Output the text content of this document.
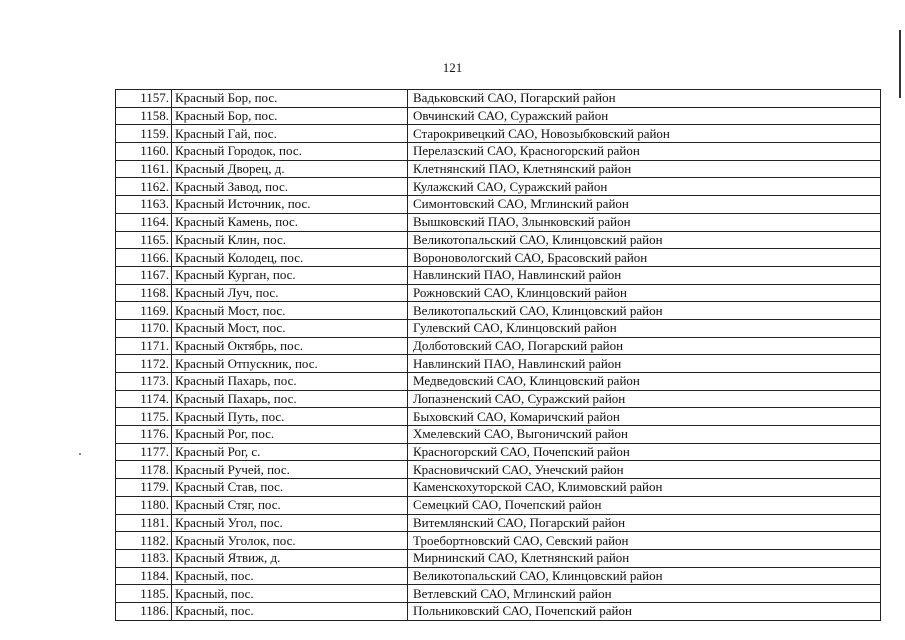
121
1157.	Красный Бор, пос.	Вадьковский САО, Погарский район
1158.	Красный Бор, пос.	Овчинский САО, Суражский район
1159.	Красный Гай, пос.	Старокривецкий САО, Новозыбковский район
1160.	Красный Городок, пос.	Перелазский САО, Красногорский район
1161.	Красный Дворец, д.	Клетнянский ПАО, Клетнянский район
1162.	Красный Завод, пос.	Кулажский САО, Суражский район
1163.	Красный Источник, пос.	Симонтовский САО, Мглинский район
1164.	Красный Камень, пос.	Вышковский ПАО, Злынковский район
1165.	Красный Клин, пос.	Великотопальский САО, Клинцовский район
1166.	Красный Колодец, пос.	Вороновологский САО, Брасовский район
1167.	Красный Курган, пос.	Навлинский ПАО, Навлинский район
1168.	Красный Луч, пос.	Рожновский САО, Клинцовский район
1169.	Красный Мост, пос.	Великотопальский САО, Клинцовский район
1170.	Красный Мост, пос.	Гулевский САО, Клинцовский район
1171.	Красный Октябрь, пос.	Долботовский САО, Погарский район
1172.	Красный Отпускник, пос.	Навлинский ПАО, Навлинский район
1173.	Красный Пахарь, пос.	Медведовский САО, Клинцовский район
1174.	Красный Пахарь, пос.	Лопазненский САО, Суражский район
1175.	Красный Путь, пос.	Быховский САО, Комаричский район
1176.	Красный Рог, пос.	Хмелевский САО, Выгоничский район
1177.	Красный Рог, с.	Красногорский САО, Почепский район
1178.	Красный Ручей, пос.	Красновичский САО, Унечский район
1179.	Красный Став, пос.	Каменскохуторской САО, Климовский район
1180.	Красный Стяг, пос.	Семецкий САО, Почепский район
1181.	Красный Угол, пос.	Витемлянский САО, Погарский район
1182.	Красный Уголок, пос.	Троебортновский САО, Севский район
1183.	Красный Ятвиж, д.	Мирнинский САО, Клетнянский район
1184.	Красный, пос.	Великотопальский САО, Клинцовский район
1185.	Красный, пос.	Ветлевский САО, Мглинский район
1186.	Красный, пос.	Польниковский САО, Почепский район
